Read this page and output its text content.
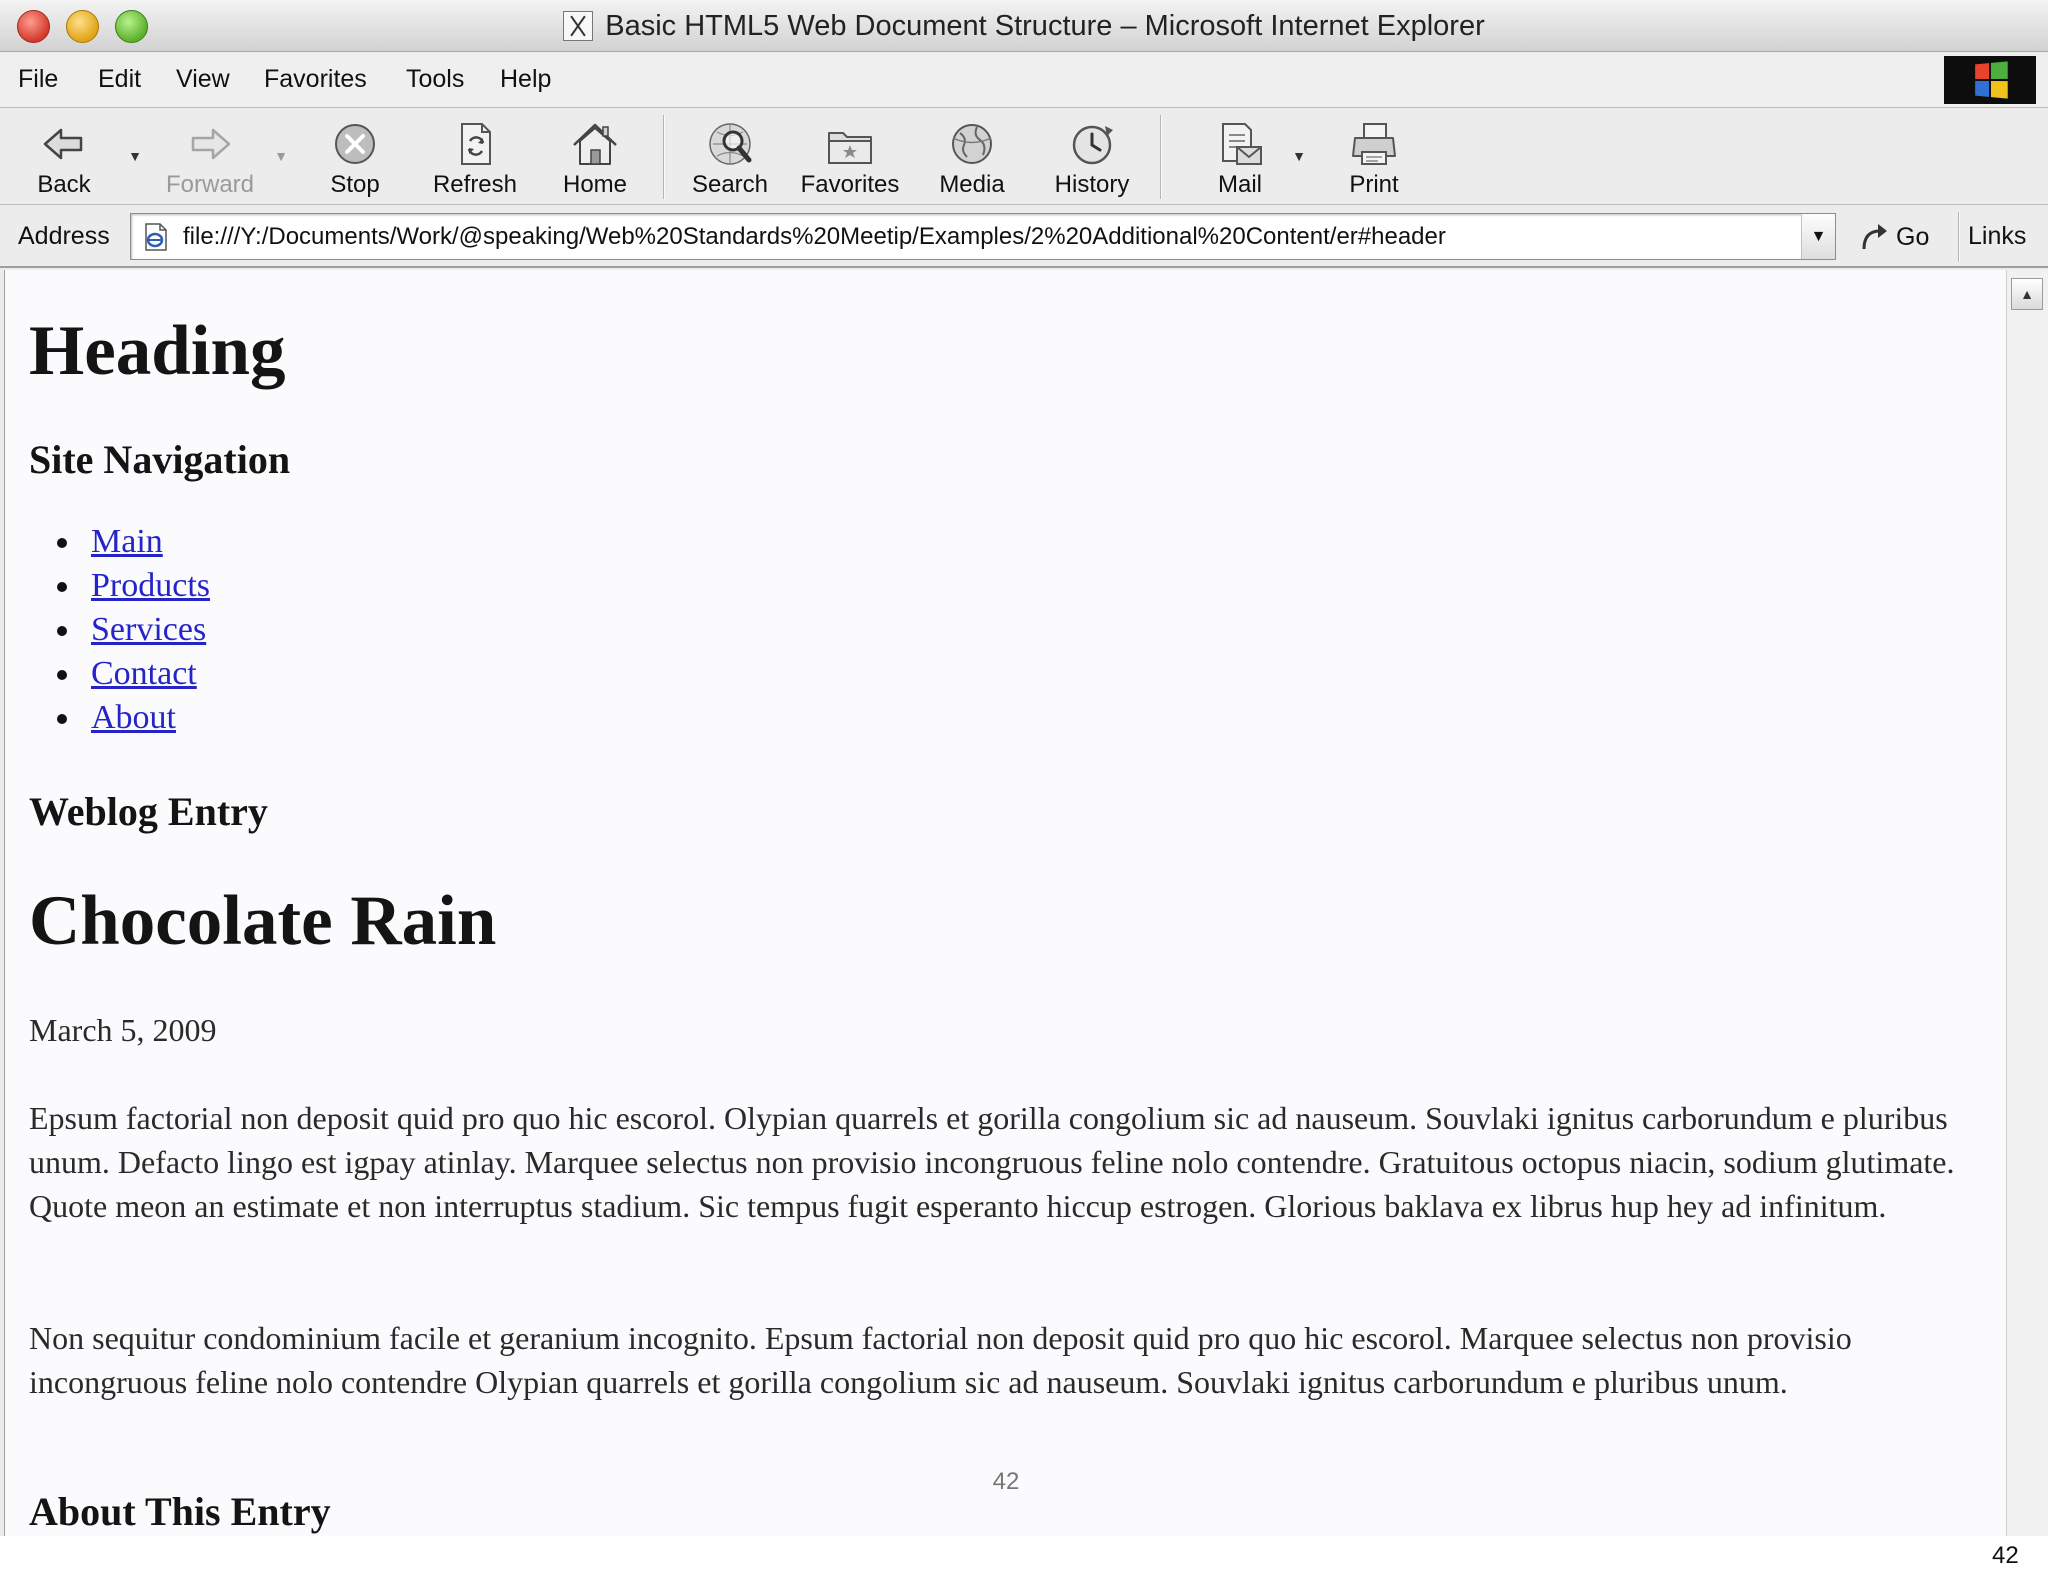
Basic HTML5 Web Document Structure – Microsoft Internet Explorer
File Edit View Favorites Tools Help
Back
▼
Forward
▼
Stop	Refresh	Home	Search	Favorites	Media	History	Mail
▼
Print
Address
file:///Y:/Documents/Work/@speaking/Web%20Standards%20Meetip/Examples/2%20Additional%20Content/er#header	▼	Go Links
Heading
Site Navigation
Main
Products
Services
Contact
About
Weblog Entry
Chocolate Rain

March 5, 2009

Epsum factorial non deposit quid pro quo hic escorol. Olypian quarrels et gorilla congolium sic ad nauseum. Souvlaki ignitus carborundum e pluribus unum. Defacto lingo est igpay atinlay. Marquee selectus non provisio incongruous feline nolo contendre. Gratuitous octopus niacin, sodium glutimate. Quote meon an estimate et non interruptus stadium. Sic tempus fugit esperanto hiccup estrogen. Glorious baklava ex librus hup hey ad infinitum.

Non sequitur condominium facile et geranium incognito. Epsum factorial non deposit quid pro quo hic escorol. Marquee selectus non provisio incongruous feline nolo contendre Olypian quarrels et gorilla congolium sic ad nauseum. Souvlaki ignitus carborundum e pluribus unum.

About This Entry
42
▲
42
